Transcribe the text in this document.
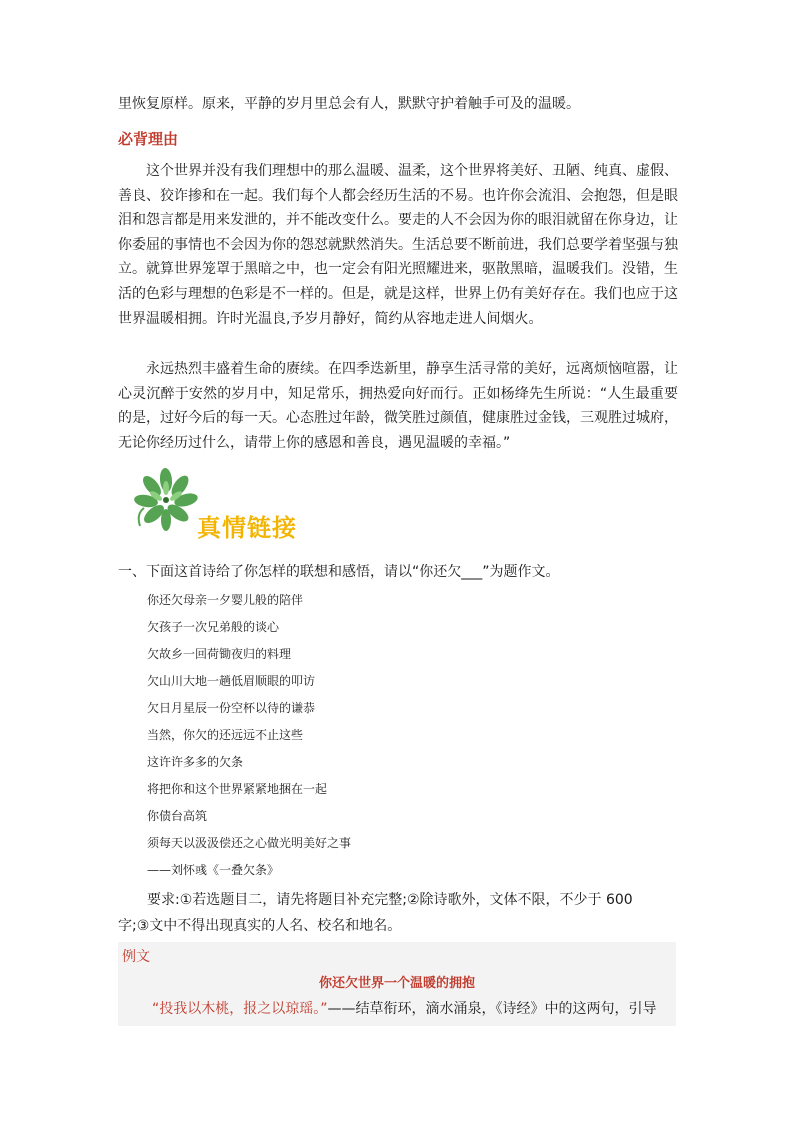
里恢复原样。原来，平静的岁月里总会有人，默默守护着触手可及的温暖。
必背理由
这个世界并没有我们理想中的那么温暖、温柔，这个世界将美好、丑陋、纯真、虚假、善良、狡诈掺和在一起。我们每个人都会经历生活的不易。也许你会流泪、会抱怨，但是眼泪和怨言都是用来发泄的，并不能改变什么。要走的人不会因为你的眼泪就留在你身边，让你委屈的事情也不会因为你的怨怼就默然消失。生活总要不断前进，我们总要学着坚强与独立。就算世界笼罩于黑暗之中，也一定会有阳光照耀进来，驱散黑暗，温暖我们。没错，生活的色彩与理想的色彩是不一样的。但是，就是这样，世界上仍有美好存在。我们也应于这世界温暖相拥。许时光温良,予岁月静好，简约从容地走进人间烟火。
永远热烈丰盛着生命的赓续。在四季迭新里，静享生活寻常的美好，远离烦恼喧嚣，让心灵沉醉于安然的岁月中，知足常乐，拥热爱向好而行。正如杨绛先生所说：“人生最重要的是，过好今后的每一天。心态胜过年龄，微笑胜过颜值，健康胜过金钱，三观胜过城府，无论你经历过什么，请带上你的感恩和善良，遇见温暖的幸福。”
真情链接
一、下面这首诗给了你怎样的联想和感悟，请以“你还欠___”为题作文。
你还欠母亲一夕婴儿般的陪伴
欠孩子一次兄弟般的谈心
欠故乡一回荷锄夜归的料理
欠山川大地一趟低眉顺眼的叩访
欠日月星辰一份空杯以待的谦恭
当然，你欠的还远远不止这些
这许许多多的欠条
将把你和这个世界紧紧地捆在一起
你债台高筑
须每天以汲汲偿还之心做光明美好之事
——刘怀彧《一叠欠条》
要求:①若选题目二，请先将题目补充完整;②除诗歌外，文体不限，不少于 600
字;③文中不得出现真实的人名、校名和地名。
例文
你还欠世界一个温暖的拥抱
“投我以木桃，报之以琼瑶。”——结草衔环，滴水涌泉，《诗经》中的这两句，引导
